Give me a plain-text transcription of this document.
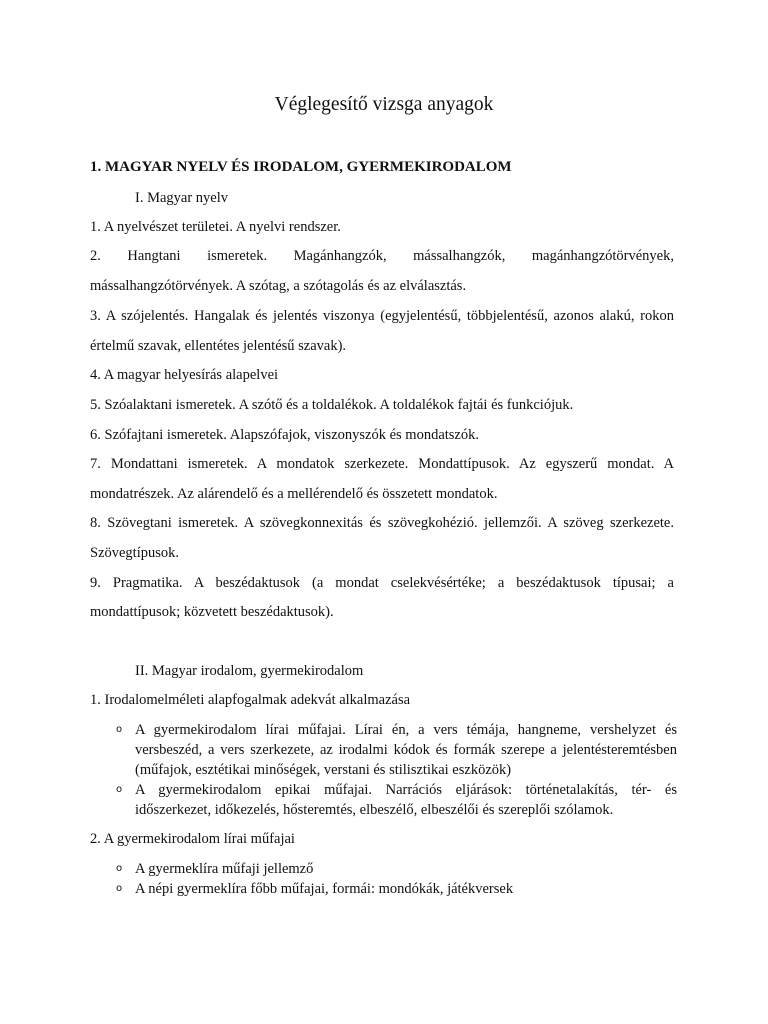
Véglegesítő vizsga anyagok
1. MAGYAR NYELV ÉS IRODALOM, GYERMEKIRODALOM
I. Magyar nyelv
1. A nyelvészet területei. A nyelvi rendszer.
2. Hangtani ismeretek. Magánhangzók, mássalhangzók, magánhangzótörvények,
mássalhangzótörvények. A szótag, a szótagolás és az elválasztás.
3. A szójelentés. Hangalak és jelentés viszonya (egyjelentésű, többjelentésű, azonos alakú, rokon
értelmű szavak, ellentétes jelentésű szavak).
4. A magyar helyesírás alapelvei
5. Szóalaktani ismeretek. A szótő és a toldalékok. A toldalékok fajtái és funkciójuk.
6. Szófajtani ismeretek. Alapszófajok, viszonyszók és mondatszók.
7. Mondattani ismeretek. A mondatok szerkezete. Mondattípusok. Az egyszerű mondat. A
mondatrészek. Az alárendelő és a mellérendelő és összetett mondatok.
8. Szövegtani ismeretek. A szövegkonnexitás és szövegkohézió. jellemzői. A szöveg szerkezete.
Szövegtípusok.
9. Pragmatika. A beszédaktusok (a mondat cselekvésértéke; a beszédaktusok típusai; a
mondattípusok; közvetett beszédaktusok).
II. Magyar irodalom, gyermekirodalom
1. Irodalomelméleti alapfogalmak adekvát alkalmazása
o A gyermekirodalom lírai műfajai. Lírai én, a vers témája, hangneme, vershelyzet és
versbeszéd, a vers szerkezete, az irodalmi kódok és formák szerepe a jelentésteremtésben
(műfajok, esztétikai minőségek, verstani és stilisztikai eszközök)
o A gyermekirodalom epikai műfajai. Narrációs eljárások: történetalakítás, tér- és
időszerkezet, időkezelés, hősteremtés, elbeszélő, elbeszélői és szereplői szólamok.
2. A gyermekirodalom lírai műfajai
o A gyermeklíra műfaji jellemző
o A népi gyermeklíra főbb műfajai, formái: mondókák, játékversek
